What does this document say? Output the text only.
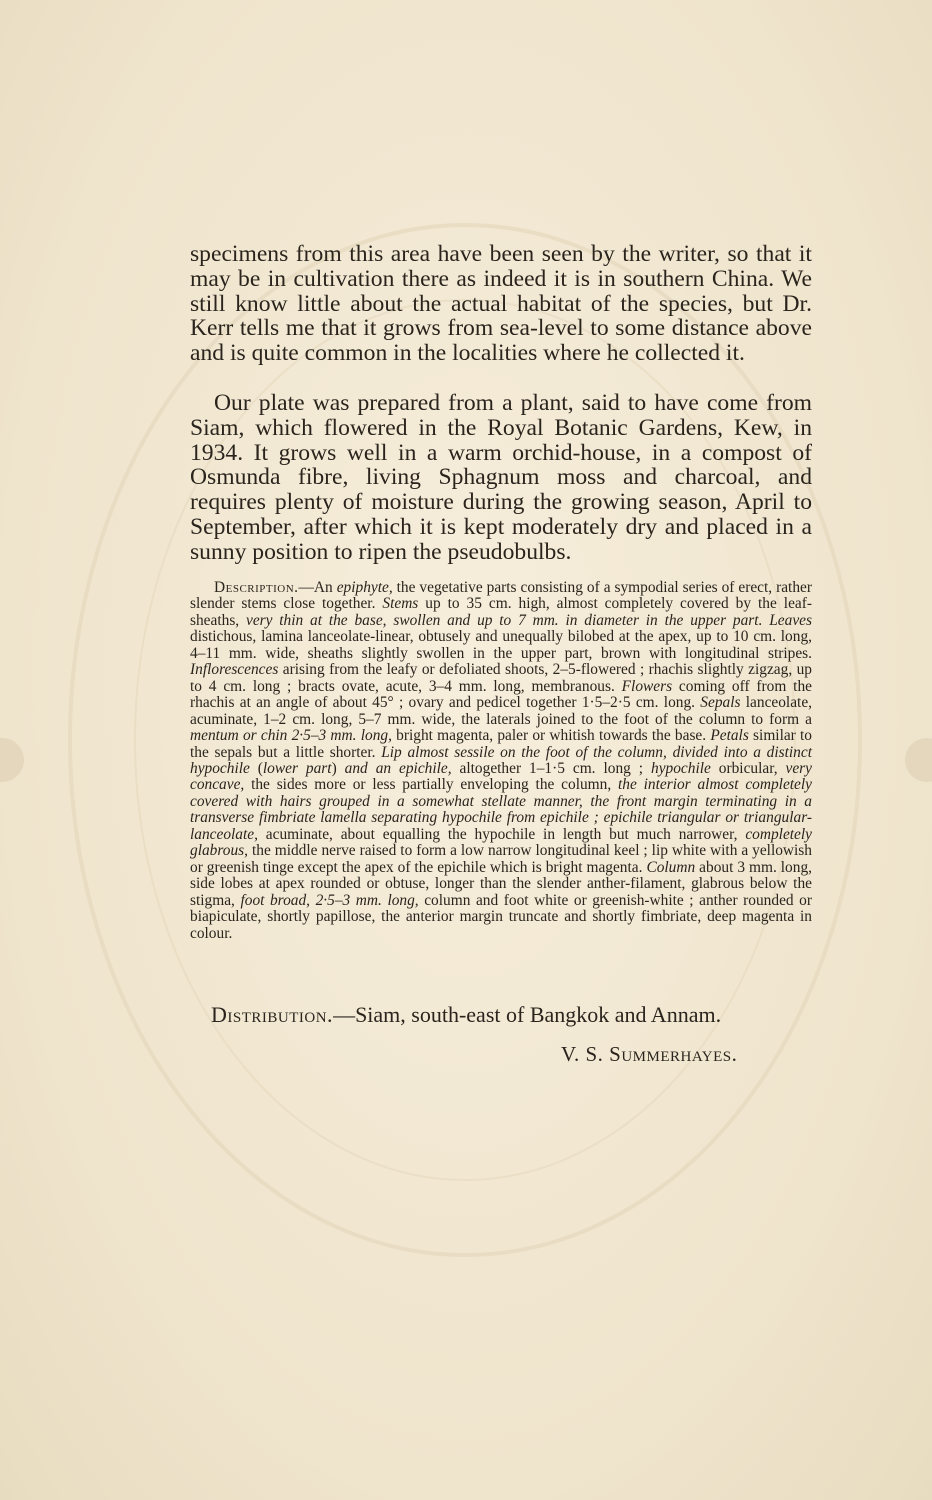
specimens from this area have been seen by the writer, so that it may be in cultivation there as indeed it is in southern China. We still know little about the actual habitat of the species, but Dr. Kerr tells me that it grows from sea-level to some distance above and is quite common in the localities where he collected it.

Our plate was prepared from a plant, said to have come from Siam, which flowered in the Royal Botanic Gardens, Kew, in 1934. It grows well in a warm orchid-house, in a compost of Osmunda fibre, living Sphagnum moss and charcoal, and requires plenty of moisture during the growing season, April to September, after which it is kept moderately dry and placed in a sunny position to ripen the pseudobulbs.

Description.—An epiphyte, the vegetative parts consisting of a sympodial series of erect, rather slender stems close together. Stems up to 35 cm. high, almost completely covered by the leaf-sheaths, very thin at the base, swollen and up to 7 mm. in diameter in the upper part. Leaves distichous, lamina lanceolate-linear, obtusely and unequally bilobed at the apex, up to 10 cm. long, 4–11 mm. wide, sheaths slightly swollen in the upper part, brown with longitudinal stripes. Inflorescences arising from the leafy or defoliated shoots, 2–5-flowered ; rhachis slightly zigzag, up to 4 cm. long ; bracts ovate, acute, 3–4 mm. long, membranous. Flowers coming off from the rhachis at an angle of about 45° ; ovary and pedicel together 1·5–2·5 cm. long. Sepals lanceolate, acuminate, 1–2 cm. long, 5–7 mm. wide, the laterals joined to the foot of the column to form a mentum or chin 2·5–3 mm. long, bright magenta, paler or whitish towards the base. Petals similar to the sepals but a little shorter. Lip almost sessile on the foot of the column, divided into a distinct hypochile (lower part) and an epichile, altogether 1–1·5 cm. long ; hypochile orbicular, very concave, the sides more or less partially enveloping the column, the interior almost completely covered with hairs grouped in a somewhat stellate manner, the front margin terminating in a transverse fimbriate lamella separating hypochile from epichile ; epichile triangular or triangular-lanceolate, acuminate, about equalling the hypochile in length but much narrower, completely glabrous, the middle nerve raised to form a low narrow longitudinal keel ; lip white with a yellowish or greenish tinge except the apex of the epichile which is bright magenta. Column about 3 mm. long, side lobes at apex rounded or obtuse, longer than the slender anther-filament, glabrous below the stigma, foot broad, 2·5–3 mm. long, column and foot white or greenish-white ; anther rounded or biapiculate, shortly papillose, the anterior margin truncate and shortly fimbriate, deep magenta in colour.

Distribution.—Siam, south-east of Bangkok and Annam.

V. S. Summerhayes.
